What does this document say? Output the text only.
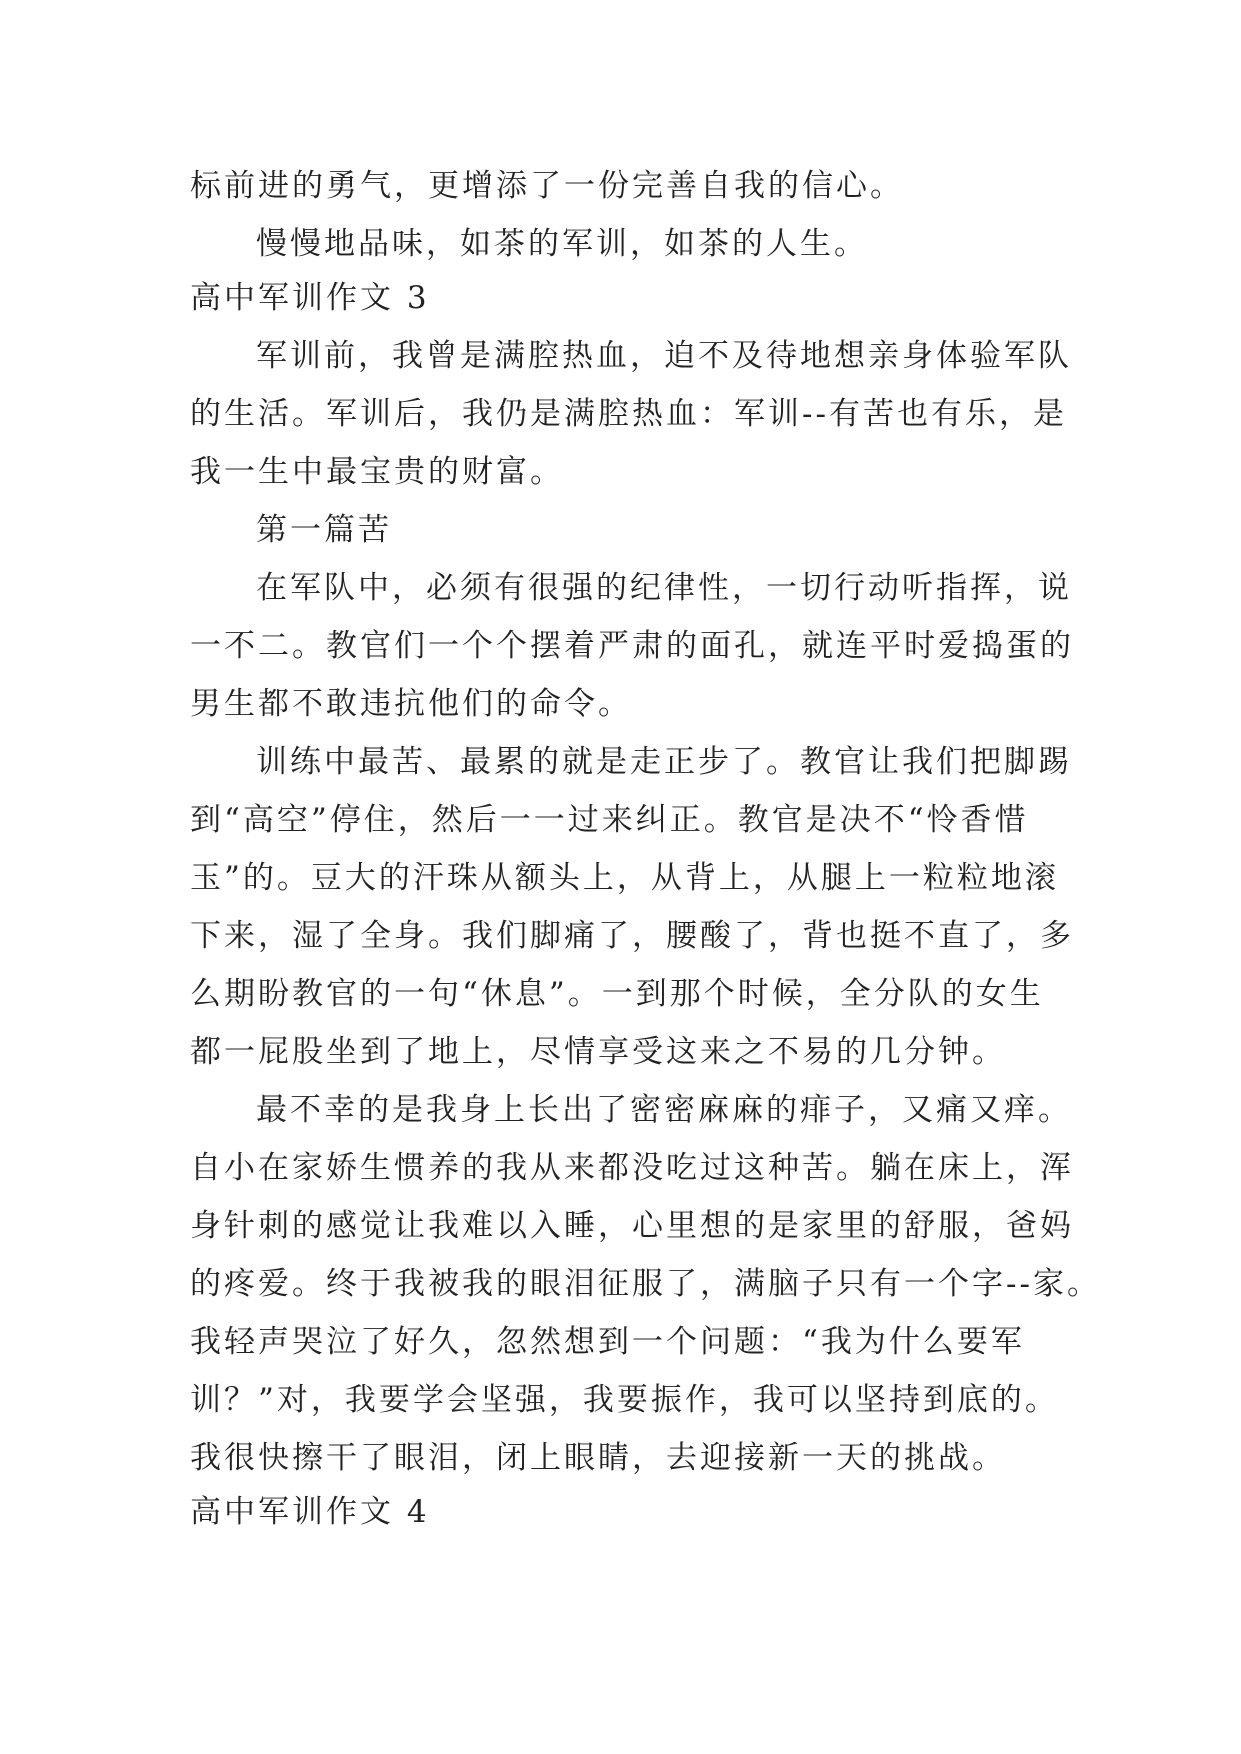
标前进的勇气，更增添了一份完善自我的信心。
慢慢地品味，如茶的军训，如茶的人生。
高中军训作文 3
军训前，我曾是满腔热血，迫不及待地想亲身体验军队
的生活。军训后，我仍是满腔热血：军训--有苦也有乐，是
我一生中最宝贵的财富。
第一篇苦
在军队中，必须有很强的纪律性，一切行动听指挥，说
一不二。教官们一个个摆着严肃的面孔，就连平时爱捣蛋的
男生都不敢违抗他们的命令。
训练中最苦、最累的就是走正步了。教官让我们把脚踢
到“高空”停住，然后一一过来纠正。教官是决不“怜香惜
玉”的。豆大的汗珠从额头上，从背上，从腿上一粒粒地滚
下来，湿了全身。我们脚痛了，腰酸了，背也挺不直了，多
么期盼教官的一句“休息”。一到那个时候，全分队的女生
都一屁股坐到了地上，尽情享受这来之不易的几分钟。
最不幸的是我身上长出了密密麻麻的痱子，又痛又痒。
自小在家娇生惯养的我从来都没吃过这种苦。躺在床上，浑
身针刺的感觉让我难以入睡，心里想的是家里的舒服，爸妈
的疼爱。终于我被我的眼泪征服了，满脑子只有一个字--家。
我轻声哭泣了好久，忽然想到一个问题：“我为什么要军
训？”对，我要学会坚强，我要振作，我可以坚持到底的。
我很快擦干了眼泪，闭上眼睛，去迎接新一天的挑战。
高中军训作文 4
